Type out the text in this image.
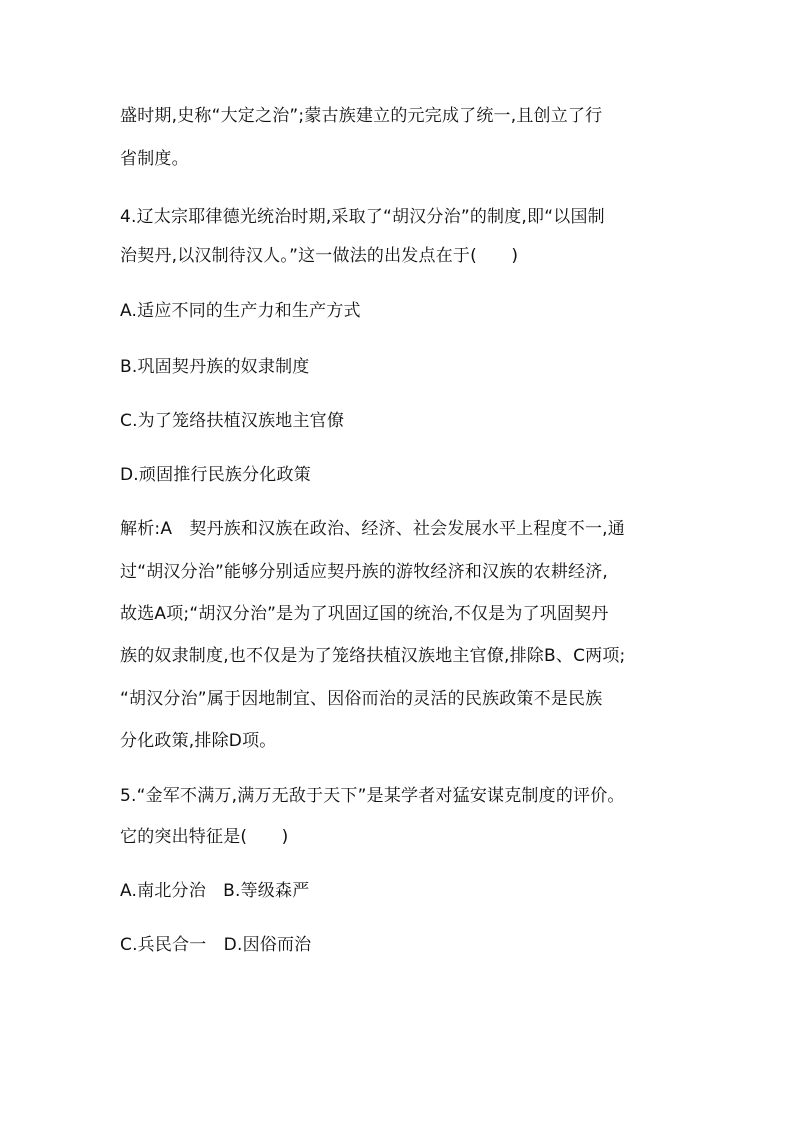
盛时期,史称“大定之治”;蒙古族建立的元完成了统一,且创立了行
省制度。
4.辽太宗耶律德光统治时期,采取了“胡汉分治”的制度,即“以国制
治契丹,以汉制待汉人。”这一做法的出发点在于(　　)
A.适应不同的生产力和生产方式
B.巩固契丹族的奴隶制度
C.为了笼络扶植汉族地主官僚
D.顽固推行民族分化政策
解析:A　契丹族和汉族在政治、经济、社会发展水平上程度不一,通
过“胡汉分治”能够分别适应契丹族的游牧经济和汉族的农耕经济,
故选A项;“胡汉分治”是为了巩固辽国的统治,不仅是为了巩固契丹
族的奴隶制度,也不仅是为了笼络扶植汉族地主官僚,排除B、C两项;
“胡汉分治”属于因地制宜、因俗而治的灵活的民族政策不是民族
分化政策,排除D项。
5.“金军不满万,满万无敌于天下”是某学者对猛安谋克制度的评价。
它的突出特征是(　　)
A.南北分治　B.等级森严
C.兵民合一　D.因俗而治
